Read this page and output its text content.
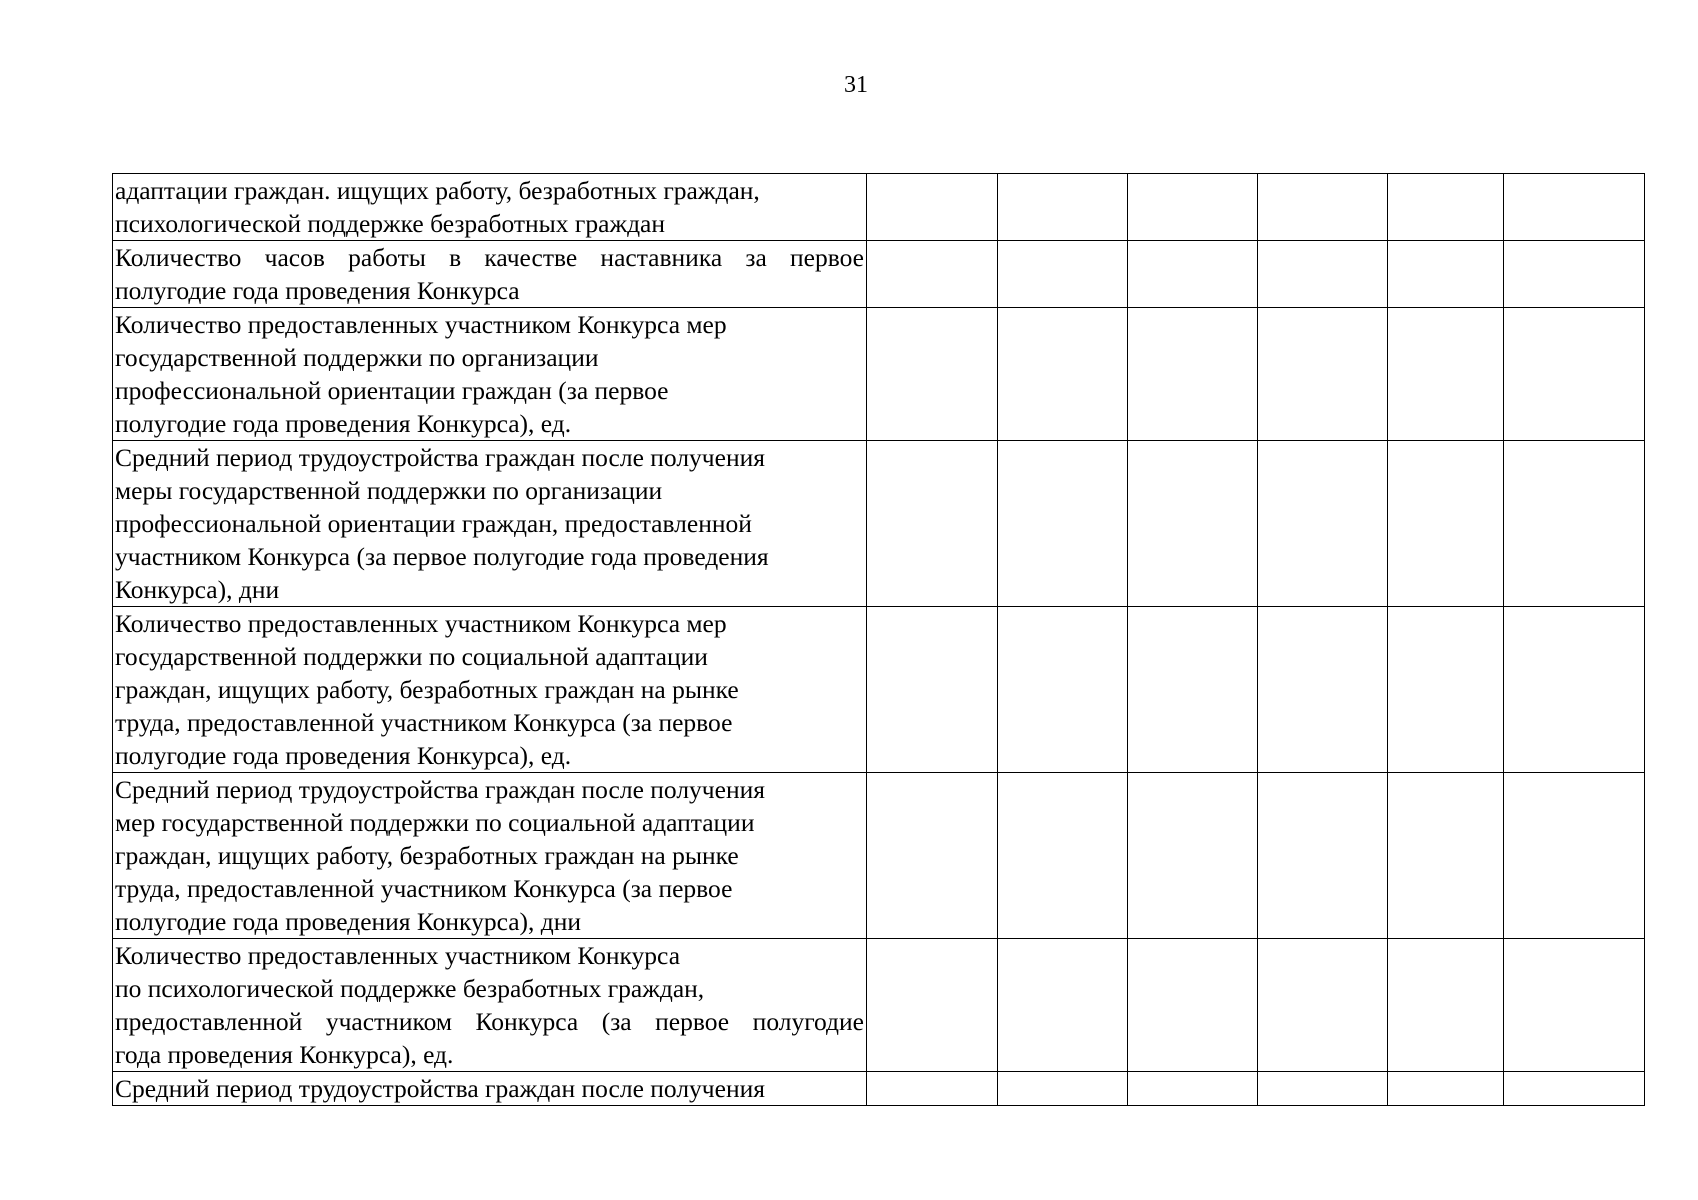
31
адаптации граждан. ищущих работу, безработных граждан,
психологической поддержке безработных граждан						

Количество часов работы в качестве наставника за первое
полугодие года проведения Конкурса						

Количество предоставленных участником Конкурса мер
государственной поддержки по организации
профессиональной ориентации граждан (за первое
полугодие года проведения Конкурса), ед.						

Средний период трудоустройства граждан после получения
меры государственной поддержки по организации
профессиональной ориентации граждан, предоставленной
участником Конкурса (за первое полугодие года проведения
Конкурса), дни						

Количество предоставленных участником Конкурса мер
государственной поддержки по социальной адаптации
граждан, ищущих работу, безработных граждан на рынке
труда, предоставленной участником Конкурса (за первое
полугодие года проведения Конкурса), ед.						

Средний период трудоустройства граждан после получения
мер государственной поддержки по социальной адаптации
граждан, ищущих работу, безработных граждан на рынке
труда, предоставленной участником Конкурса (за первое
полугодие года проведения Конкурса), дни						

Количество предоставленных участником Конкурса
по психологической поддержке безработных граждан,
предоставленной участником Конкурса (за первое полугодие
года проведения Конкурса), ед.						

Средний период трудоустройства граждан после получения						
